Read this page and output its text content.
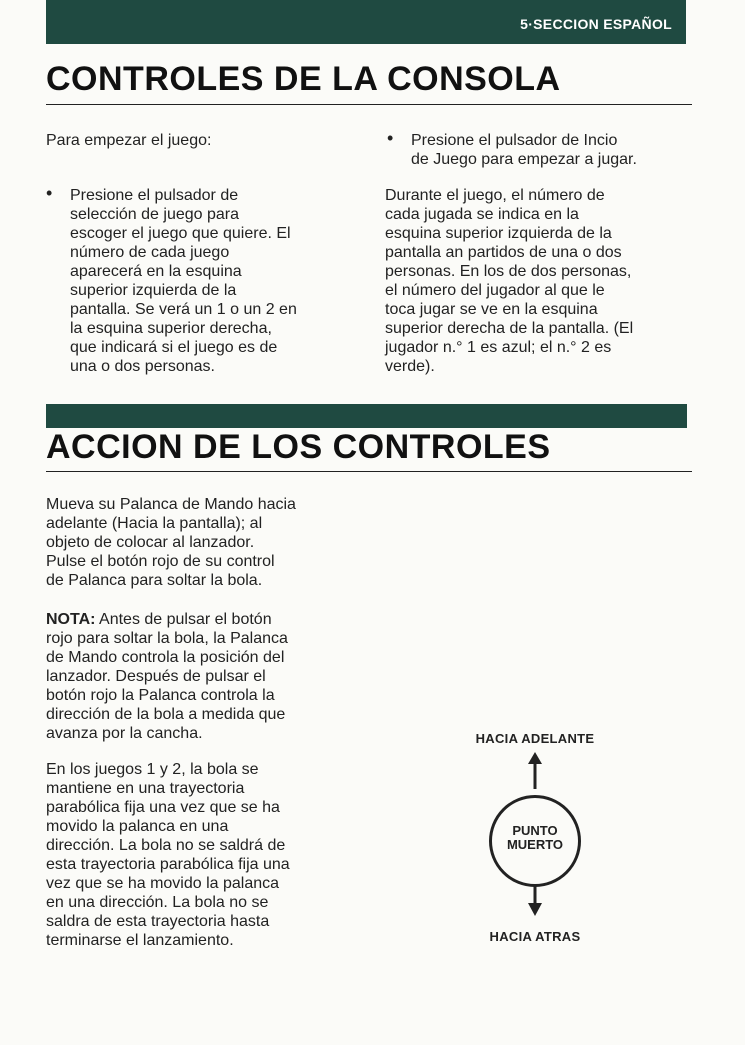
5·SECCION ESPAÑOL
CONTROLES DE LA CONSOLA

Para empezar el juego:

• Presione el pulsador de
selección de juego para
escoger el juego que quiere. El
número de cada juego
aparecerá en la esquina
superior izquierda de la
pantalla. Se verá un 1 o un 2 en
la esquina superior derecha,
que indicará si el juego es de
una o dos personas.
• Presione el pulsador de Incio
de Juego para empezar a jugar.
Durante el juego, el número de
cada jugada se indica en la
esquina superior izquierda de la
pantalla an partidos de una o dos
personas. En los de dos personas,
el número del jugador al que le
toca jugar se ve en la esquina
superior derecha de la pantalla. (El
jugador n.° 1 es azul; el n.° 2 es
verde).
ACCION DE LOS CONTROLES
Mueva su Palanca de Mando hacia
adelante (Hacia la pantalla); al
objeto de colocar al lanzador.
Pulse el botón rojo de su control
de Palanca para soltar la bola.
NOTA: Antes de pulsar el botón
rojo para soltar la bola, la Palanca
de Mando controla la posición del
lanzador. Después de pulsar el
botón rojo la Palanca controla la
dirección de la bola a medida que
avanza por la cancha.
En los juegos 1 y 2, la bola se
mantiene en una trayectoria
parabólica fija una vez que se ha
movido la palanca en una
dirección. La bola no se saldrá de
esta trayectoria parabólica fija una
vez que se ha movido la palanca
en una dirección. La bola no se
saldra de esta trayectoria hasta
terminarse el lanzamiento.
HACIA ADELANTE
PUNTO
MUERTO
HACIA ATRAS
